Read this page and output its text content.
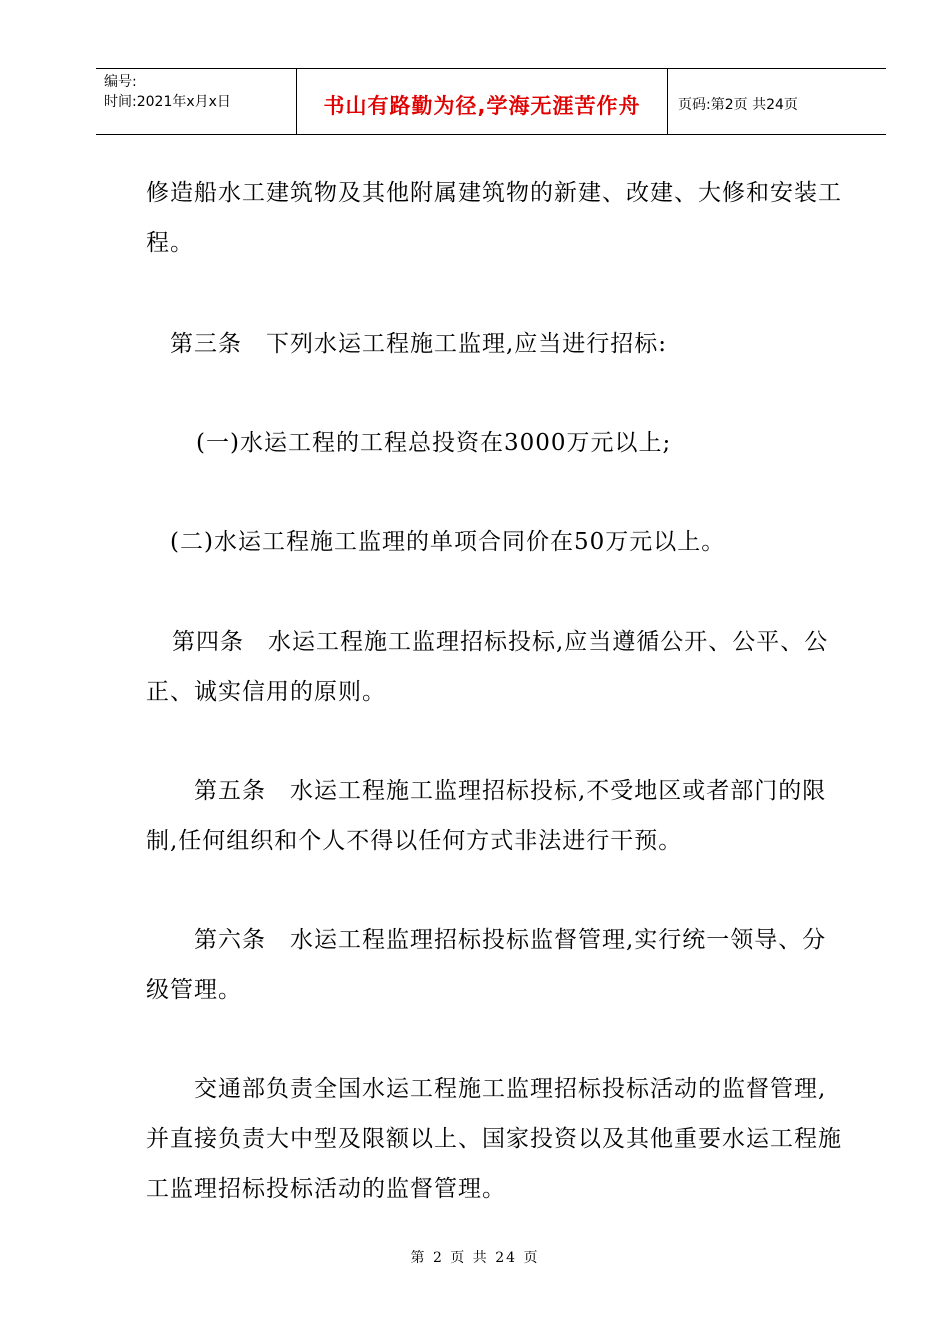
编号:
时间:2021年x月x日	书山有路勤为径,学海无涯苦作舟	页码:第2页 共24页

修造船水工建筑物及其他附属建筑物的新建、改建、大修和安装工程。

第三条　下列水运工程施工监理,应当进行招标:

(一)水运工程的工程总投资在3000万元以上;

(二)水运工程施工监理的单项合同价在50万元以上。

第四条　水运工程施工监理招标投标,应当遵循公开、公平、公正、诚实信用的原则。

第五条　水运工程施工监理招标投标,不受地区或者部门的限制,任何组织和个人不得以任何方式非法进行干预。

第六条　水运工程监理招标投标监督管理,实行统一领导、分级管理。

交通部负责全国水运工程施工监理招标投标活动的监督管理,并直接负责大中型及限额以上、国家投资以及其他重要水运工程施工监理招标投标活动的监督管理。

第 2 页 共 24 页
